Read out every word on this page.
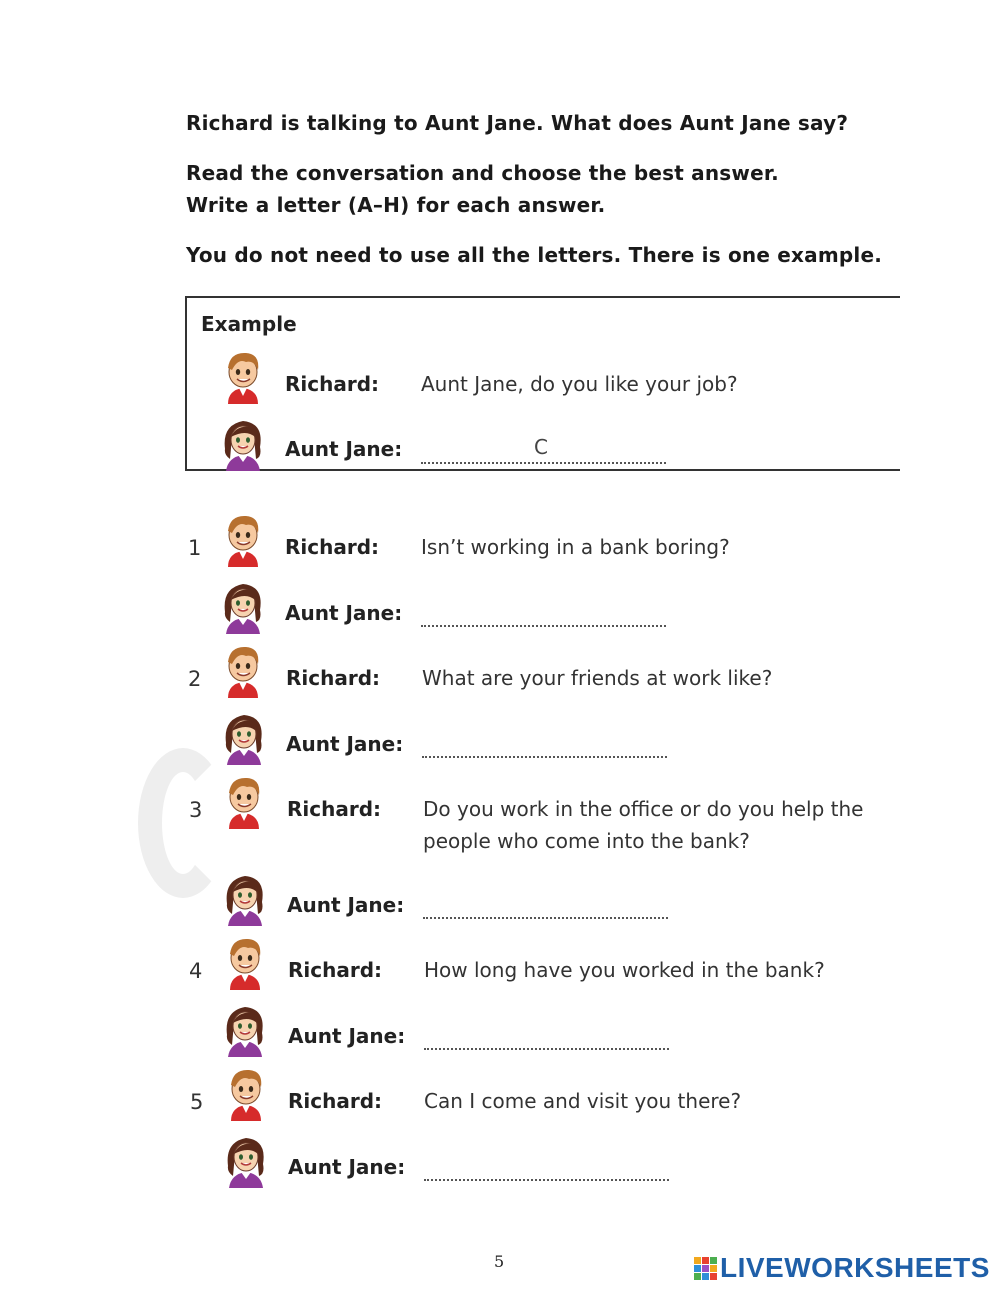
Richard is talking to Aunt Jane. What does Aunt Jane say?
Read the conversation and choose the best answer.
Write a letter (A–H) for each answer.
You do not need to use all the letters. There is one example.
Example
Richard: Aunt Jane, do you like your job?
Aunt Jane:	C
1	Richard: Isn’t working in a bank boring?
Aunt Jane:
2	Richard: What are your friends at work like?
Aunt Jane:
3	Richard: Do you work in the office or do you help the
people who come into the bank?
Aunt Jane:
4	Richard: How long have you worked in the bank?
Aunt Jane:
5	Richard: Can I come and visit you there?
Aunt Jane:
5	LIVEWORKSHEETS
